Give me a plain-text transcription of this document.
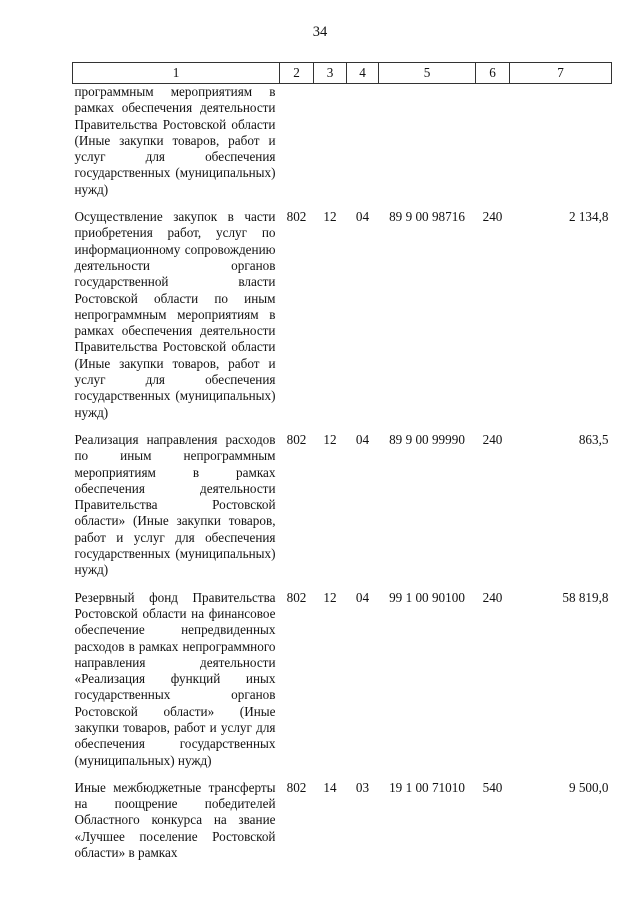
34
1	2	3	4	5	6	7
программным мероприятиям в рамках обеспечения деятельности Правительства Ростовской области (Иные закупки товаров, работ и услуг для обеспечения государственных (муниципальных) нужд)						
Осуществление закупок в части приобретения работ, услуг по информационному сопровождению деятельности органов государственной власти Ростовской области по иным непрограммным мероприятиям в рамках обеспечения деятельности Правительства Ростовской области (Иные закупки товаров, работ и услуг для обеспечения государственных (муниципальных) нужд)	802	12	04	89 9 00 98716	240	2 134,8
Реализация направления расходов по иным непрограммным мероприятиям в рамках обеспечения деятельности Правительства Ростовской области» (Иные закупки товаров, работ и услуг для обеспечения государственных (муниципальных) нужд)	802	12	04	89 9 00 99990	240	863,5
Резервный фонд Правительства Ростовской области на финансовое обеспечение непредвиденных расходов в рамках непрограммного направления деятельности «Реализация функций иных государственных органов Ростовской области» (Иные закупки товаров, работ и услуг для обеспечения государственных (муниципальных) нужд)	802	12	04	99 1 00 90100	240	58 819,8
Иные межбюджетные трансферты на поощрение победителей Областного конкурса на звание «Лучшее поселение Ростовской области» в рамках	802	14	03	19 1 00 71010	540	9 500,0
